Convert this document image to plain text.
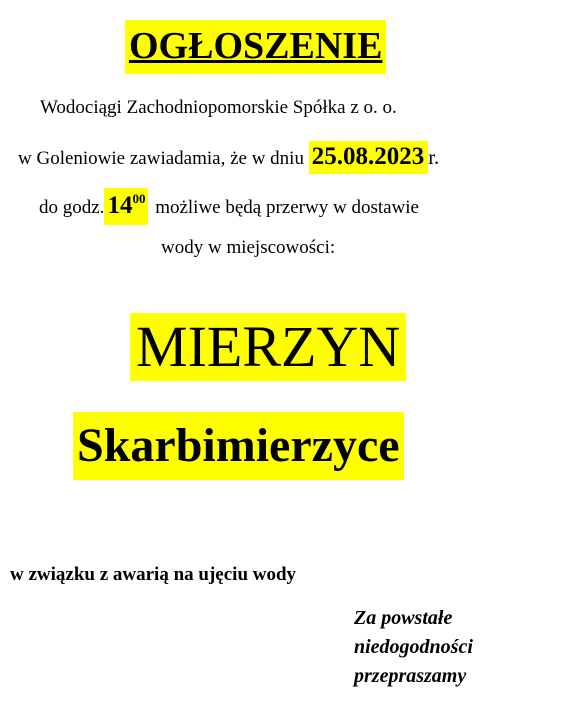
OGŁOSZENIE
Wodociągi Zachodniopomorskie Spółka z o. o.
w Goleniowie zawiadamia, że w dniu 25.08.2023 r.
do godz. $14^{00}$ możliwe będą przerwy w dostawie
wody w miejscowości:
MIERZYN
Skarbimierzyce
w związku z awarią na ujęciu wody
Za powstałe
niedogodności
przepraszamy
